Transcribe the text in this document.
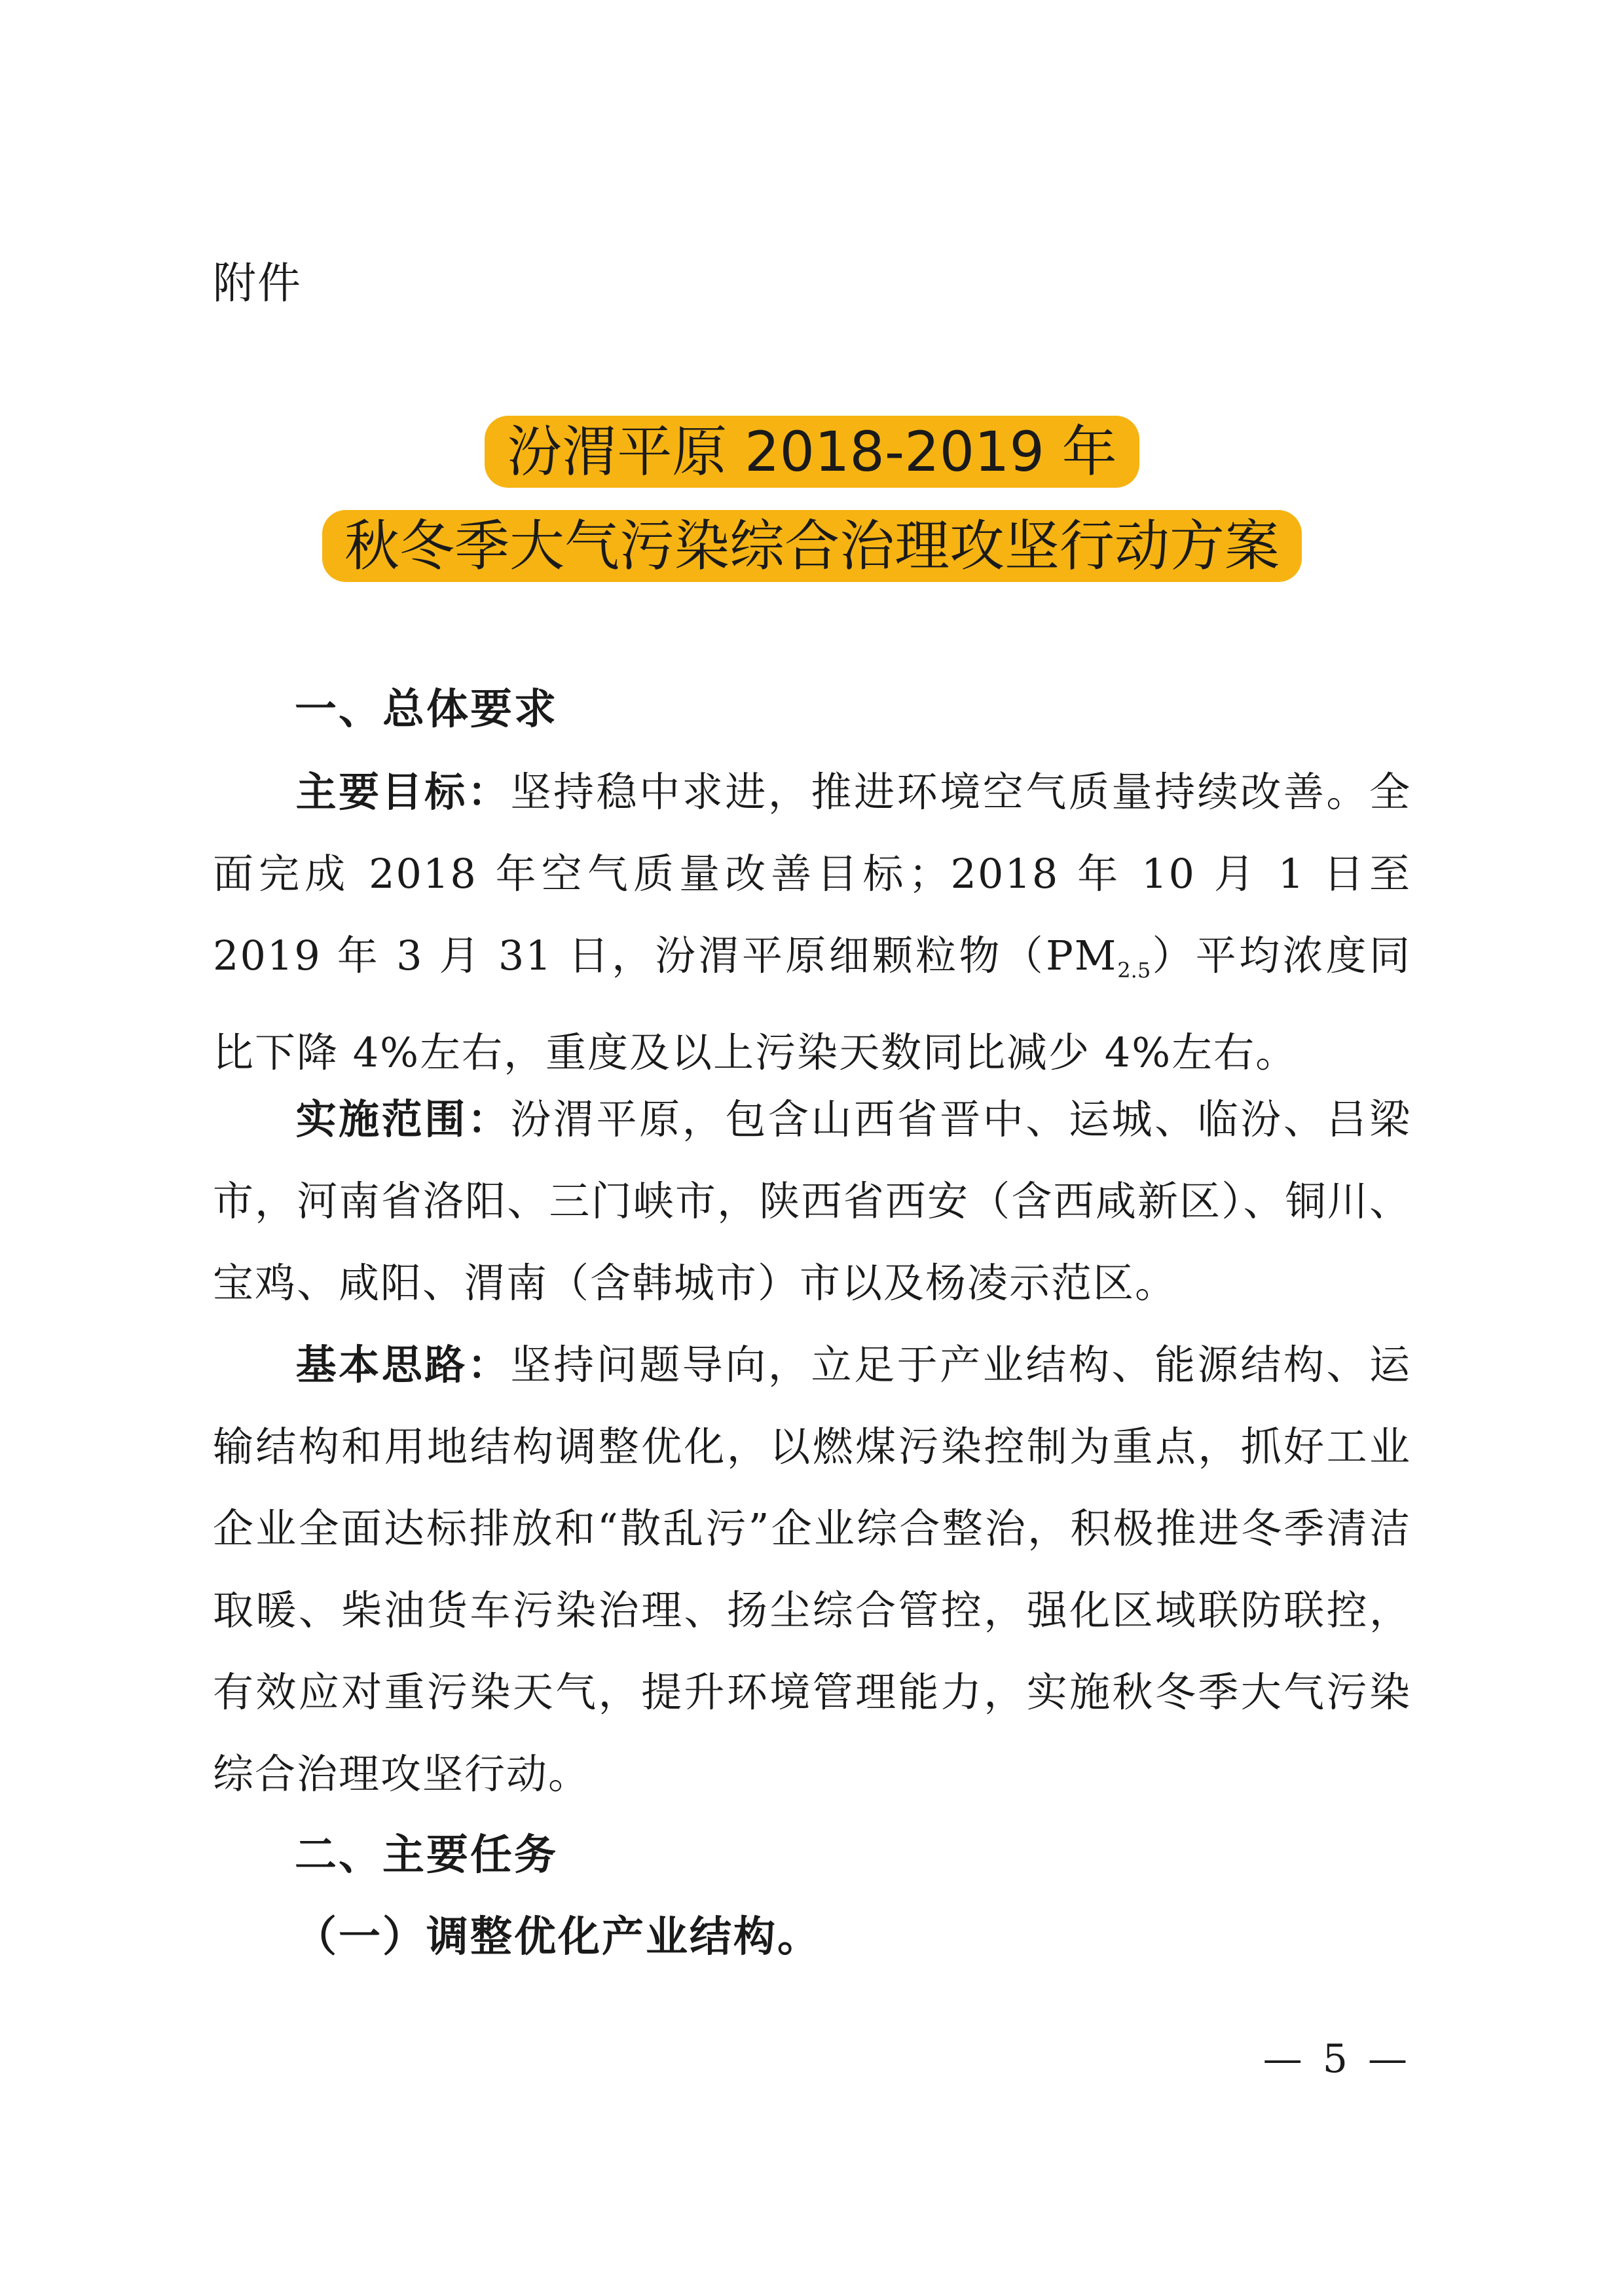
附件
汾渭平原 2018-2019 年
秋冬季大气污染综合治理攻坚行动方案
一、总体要求
主要目标：坚持稳中求进，推进环境空气质量持续改善。全面完成 2018 年空气质量改善目标；2018 年 10 月 1 日至 2019 年 3 月 31 日，汾渭平原细颗粒物$(PM_{2.5})$平均浓度同比下降 4%左右，重度及以上污染天数同比减少 4%左右。
实施范围：汾渭平原，包含山西省晋中、运城、临汾、吕梁市，河南省洛阳、三门峡市，陕西省西安（含西咸新区）、铜川、宝鸡、咸阳、渭南（含韩城市）市以及杨凌示范区。
基本思路：坚持问题导向，立足于产业结构、能源结构、运输结构和用地结构调整优化，以燃煤污染控制为重点，抓好工业企业全面达标排放和“散乱污”企业综合整治，积极推进冬季清洁取暖、柴油货车污染治理、扬尘综合管控，强化区域联防联控，有效应对重污染天气，提升环境管理能力，实施秋冬季大气污染综合治理攻坚行动。
二、主要任务
（一）调整优化产业结构。
— 5 —
